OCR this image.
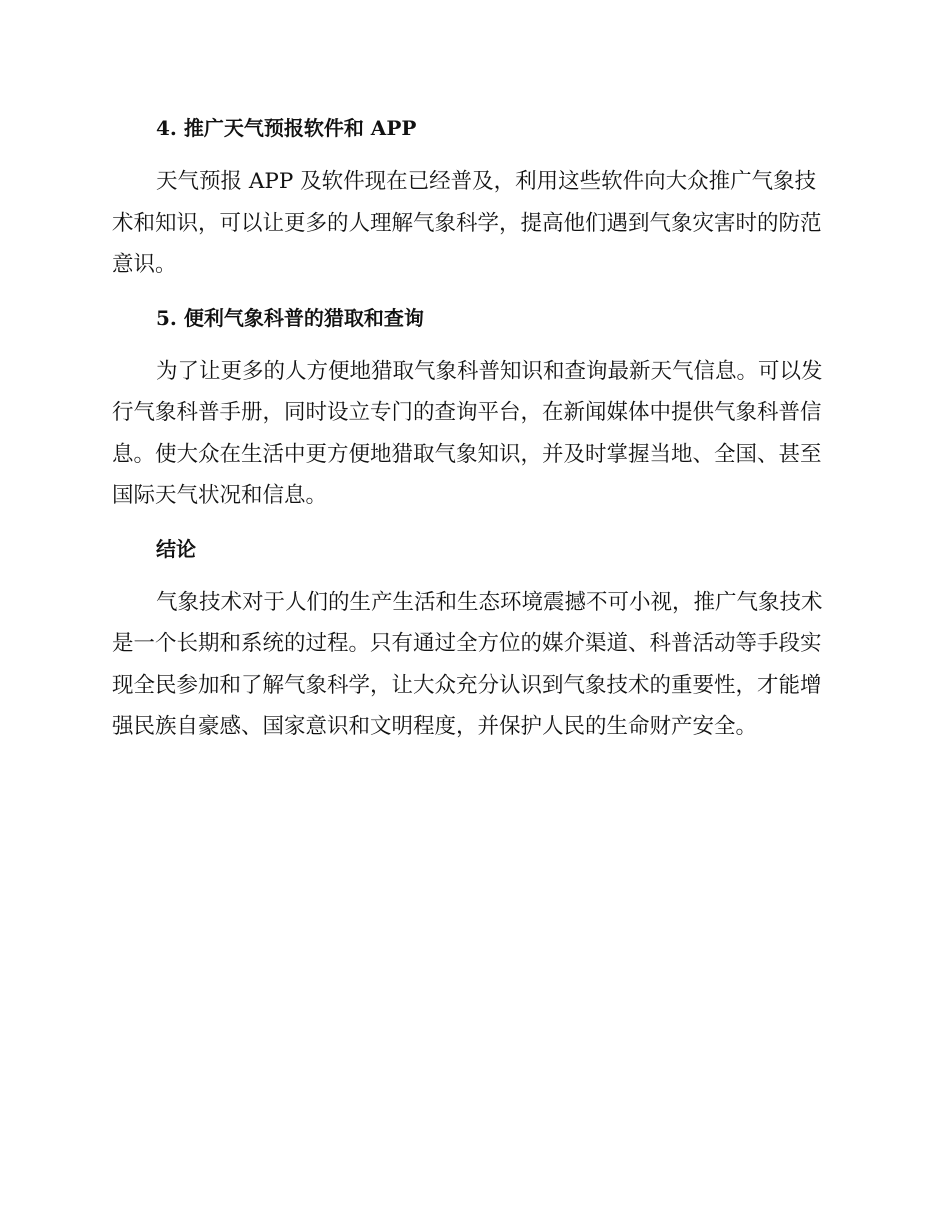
4. 推广天气预报软件和 APP

天气预报 APP 及软件现在已经普及，利用这些软件向大众推广气象技术和知识，可以让更多的人理解气象科学，提高他们遇到气象灾害时的防范意识。

5. 便利气象科普的猎取和查询

为了让更多的人方便地猎取气象科普知识和查询最新天气信息。可以发行气象科普手册，同时设立专门的查询平台，在新闻媒体中提供气象科普信息。使大众在生活中更方便地猎取气象知识，并及时掌握当地、全国、甚至国际天气状况和信息。

结论

气象技术对于人们的生产生活和生态环境震撼不可小视，推广气象技术是一个长期和系统的过程。只有通过全方位的媒介渠道、科普活动等手段实现全民参加和了解气象科学，让大众充分认识到气象技术的重要性，才能增强民族自豪感、国家意识和文明程度，并保护人民的生命财产安全。
